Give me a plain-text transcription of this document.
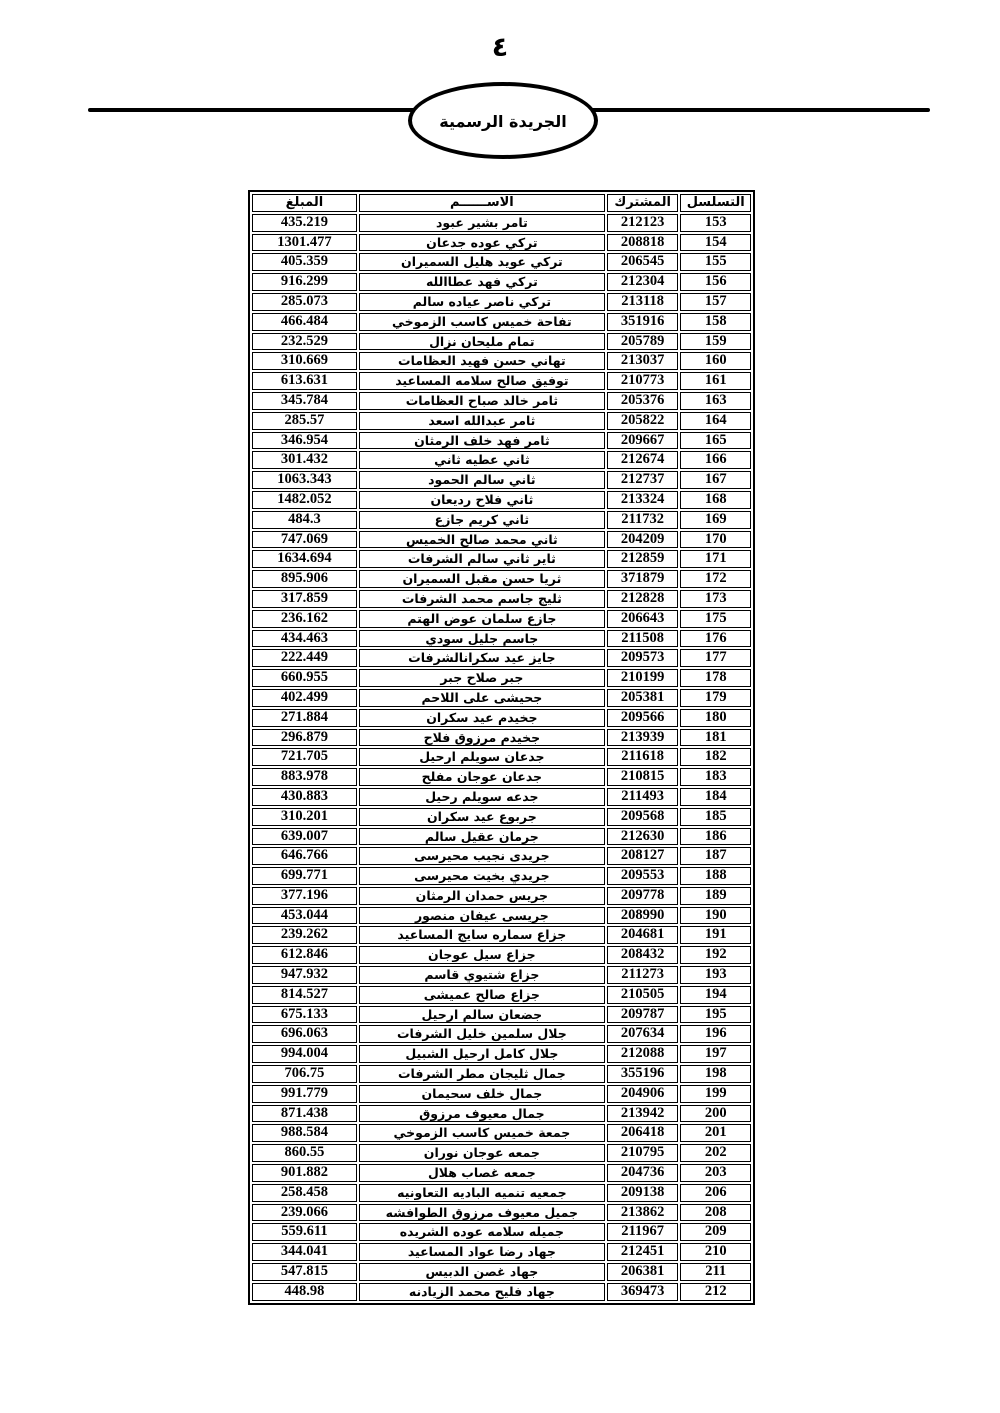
٤
الجريدة الرسمية
التسلسل	المشترك	الاســــــم	المبلغ
153	212123	تامر بشير عبود	435.219
154	208818	تركي عوده جدعان	1301.477
155	206545	تركي عويد هليل السميران	405.359
156	212304	تركي فهد عطاالله	916.299
157	213118	تركي ناصر عياده سالم	285.073
158	351916	تفاحة خميس كاسب الزموخي	466.484
159	205789	تمام مليحان نزال	232.529
160	213037	تهاني حسن فهيد العظامات	310.669
161	210773	توفيق صالح سلامه المساعيد	613.631
163	205376	ثامر خالد صباح العظامات	345.784
164	205822	ثامر عبدالله اسعد	285.57
165	209667	ثامر فهد خلف الرمثان	346.954
166	212674	ثاني عطيه ثاني	301.432
167	212737	ثاني سالم الحمود	1063.343
168	213324	ثاني فلاح رديعان	1482.052
169	211732	ثاني كريم جازع	484.3
170	204209	ثاني محمد صالح الخميس	747.069
171	212859	ثاير ثاني سالم الشرفات	1634.694
172	371879	ثريا حسن مقبل السميران	895.906
173	212828	ثليج جاسم محمد الشرفات	317.859
175	206643	جازع سلمان عوض الهتم	236.162
176	211508	جاسم جليل سودي	434.463
177	209573	جايز عيد سكرانالشرفات	222.449
178	210199	جبر صلاح جبر	660.955
179	205381	جحيشى على اللاحم	402.499
180	209566	جخيدم عيد سكران	271.884
181	213939	جخيدم مرزوق فلاح	296.879
182	211618	جدعان سويلم ارحيل	721.705
183	210815	جدعان عوجان مفلح	883.978
184	211493	جدعه سويلم رحيل	430.883
185	209568	جربوع عيد سكران	310.201
186	212630	جرمان عقيل سالم	639.007
187	208127	جريدى نجيب محيرسى	646.766
188	209553	جريدي بخيت محيرسى	699.771
189	209778	جريس حمدان الرمثان	377.196
190	208990	جريسى عيفان منصور	453.044
191	204681	جزاع سماره سايج المساعيد	239.262
192	208432	جزاع سيل عوجان	612.846
193	211273	جزاع شتيوي قاسم	947.932
194	210505	جزاع صالح عميشى	814.527
195	209787	جضعان سالم ارحيل	675.133
196	207634	جلال سلمين خليل الشرفات	696.063
197	212088	جلال كامل ارحيل الشبيل	994.004
198	355196	جمال ثليجان مطر الشرفات	706.75
199	204906	جمال خلف سحيمان	991.779
200	213942	جمال معيوف مرزوق	871.438
201	206418	جمعة خميس كاسب الزموخي	988.584
202	210795	جمعه عوجان نوران	860.55
203	204736	جمعه غصاب هلال	901.882
206	209138	جمعيه تنميه الباديه التعاونيه	258.458
208	213862	جميل معيوف مرزوق الطوافشه	239.066
209	211967	جميله سلامه عوده الشريده	559.611
210	212451	جهاد رضا عواد المساعيد	344.041
211	206381	جهاد غصن الدبيس	547.815
212	369473	جهاد فليح محمد الزيادنه	448.98
